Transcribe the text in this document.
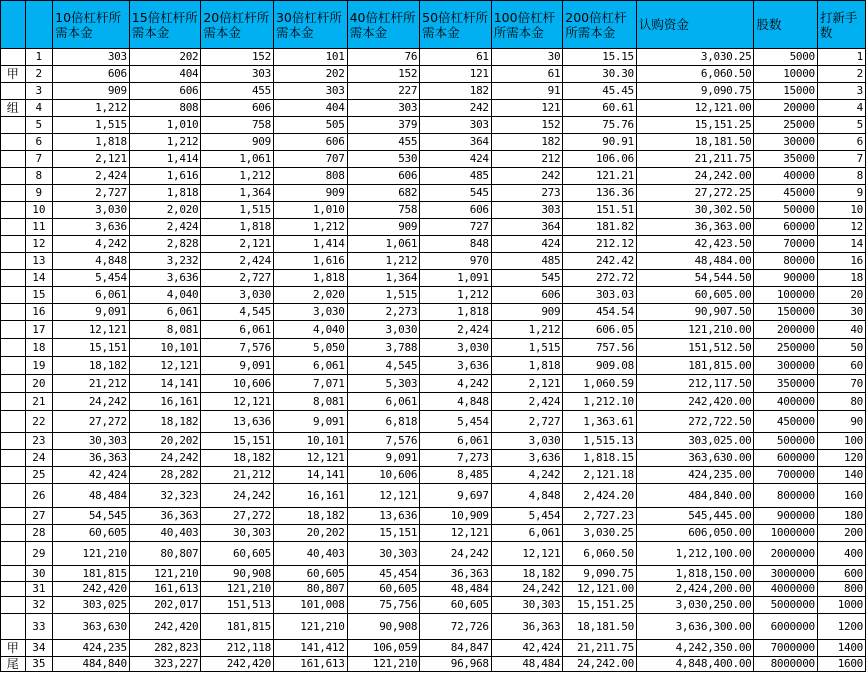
		10倍杠杆所需本金	15倍杠杆所需本金	20倍杠杆所需本金	30倍杠杆所需本金	40倍杠杆所需本金	50倍杠杆所需本金	100倍杠杆所需本金	200倍杠杆所需本金	认购资金	股数	打新手数
	1	303	202	152	101	76	61	30	15.15	3,030.25	5000	1
甲	2	606	404	303	202	152	121	61	30.30	6,060.50	10000	2
	3	909	606	455	303	227	182	91	45.45	9,090.75	15000	3
组	4	1,212	808	606	404	303	242	121	60.61	12,121.00	20000	4
	5	1,515	1,010	758	505	379	303	152	75.76	15,151.25	25000	5
	6	1,818	1,212	909	606	455	364	182	90.91	18,181.50	30000	6
	7	2,121	1,414	1,061	707	530	424	212	106.06	21,211.75	35000	7
	8	2,424	1,616	1,212	808	606	485	242	121.21	24,242.00	40000	8
	9	2,727	1,818	1,364	909	682	545	273	136.36	27,272.25	45000	9
	10	3,030	2,020	1,515	1,010	758	606	303	151.51	30,302.50	50000	10
	11	3,636	2,424	1,818	1,212	909	727	364	181.82	36,363.00	60000	12
	12	4,242	2,828	2,121	1,414	1,061	848	424	212.12	42,423.50	70000	14
	13	4,848	3,232	2,424	1,616	1,212	970	485	242.42	48,484.00	80000	16
	14	5,454	3,636	2,727	1,818	1,364	1,091	545	272.72	54,544.50	90000	18
	15	6,061	4,040	3,030	2,020	1,515	1,212	606	303.03	60,605.00	100000	20
	16	9,091	6,061	4,545	3,030	2,273	1,818	909	454.54	90,907.50	150000	30
	17	12,121	8,081	6,061	4,040	3,030	2,424	1,212	606.05	121,210.00	200000	40
	18	15,151	10,101	7,576	5,050	3,788	3,030	1,515	757.56	151,512.50	250000	50
	19	18,182	12,121	9,091	6,061	4,545	3,636	1,818	909.08	181,815.00	300000	60
	20	21,212	14,141	10,606	7,071	5,303	4,242	2,121	1,060.59	212,117.50	350000	70
	21	24,242	16,161	12,121	8,081	6,061	4,848	2,424	1,212.10	242,420.00	400000	80
	22	27,272	18,182	13,636	9,091	6,818	5,454	2,727	1,363.61	272,722.50	450000	90
	23	30,303	20,202	15,151	10,101	7,576	6,061	3,030	1,515.13	303,025.00	500000	100
	24	36,363	24,242	18,182	12,121	9,091	7,273	3,636	1,818.15	363,630.00	600000	120
	25	42,424	28,282	21,212	14,141	10,606	8,485	4,242	2,121.18	424,235.00	700000	140
	26	48,484	32,323	24,242	16,161	12,121	9,697	4,848	2,424.20	484,840.00	800000	160
	27	54,545	36,363	27,272	18,182	13,636	10,909	5,454	2,727.23	545,445.00	900000	180
	28	60,605	40,403	30,303	20,202	15,151	12,121	6,061	3,030.25	606,050.00	1000000	200
	29	121,210	80,807	60,605	40,403	30,303	24,242	12,121	6,060.50	1,212,100.00	2000000	400
	30	181,815	121,210	90,908	60,605	45,454	36,363	18,182	9,090.75	1,818,150.00	3000000	600
	31	242,420	161,613	121,210	80,807	60,605	48,484	24,242	12,121.00	2,424,200.00	4000000	800
	32	303,025	202,017	151,513	101,008	75,756	60,605	30,303	15,151.25	3,030,250.00	5000000	1000
	33	363,630	242,420	181,815	121,210	90,908	72,726	36,363	18,181.50	3,636,300.00	6000000	1200
甲	34	424,235	282,823	212,118	141,412	106,059	84,847	42,424	21,211.75	4,242,350.00	7000000	1400
尾	35	484,840	323,227	242,420	161,613	121,210	96,968	48,484	24,242.00	4,848,400.00	8000000	1600
